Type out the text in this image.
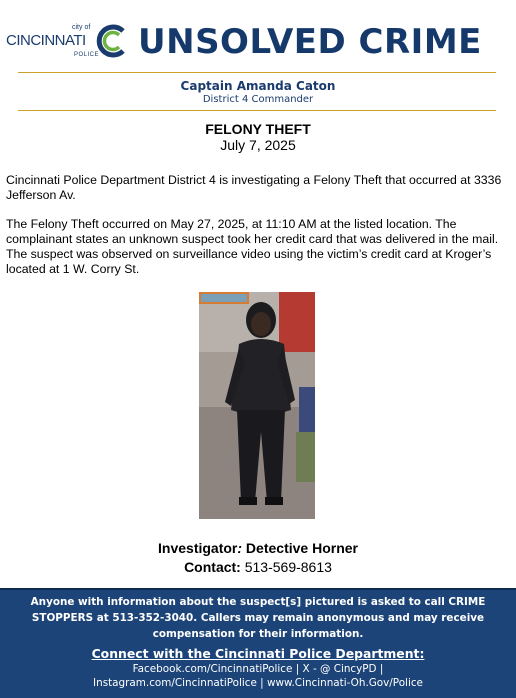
city of
CINCINNATI
POLICE UNSOLVED CRIME
Captain Amanda Caton
District 4 Commander
FELONY THEFT
July 7, 2025

Cincinnati Police Department District 4 is investigating a Felony Theft that occurred at 3336 Jefferson Av.

The Felony Theft occurred on May 27, 2025, at 11:10 AM at the listed location. The complainant states an unknown suspect took her credit card that was delivered in the mail. The suspect was observed on surveillance video using the victim’s credit card at Kroger’s located at 1 W. Corry St.

Investigator: Detective Horner
Contact: 513-569-8613
Anyone with information about the suspect[s] pictured is asked to call CRIME STOPPERS at 513-352-3040. Callers may remain anonymous and may receive compensation for their information.
Connect with the Cincinnati Police Department:
Facebook.com/CincinnatiPolice | X - @ CincyPD |
Instagram.com/CincinnatiPolice | www.Cincinnati-Oh.Gov/Police
